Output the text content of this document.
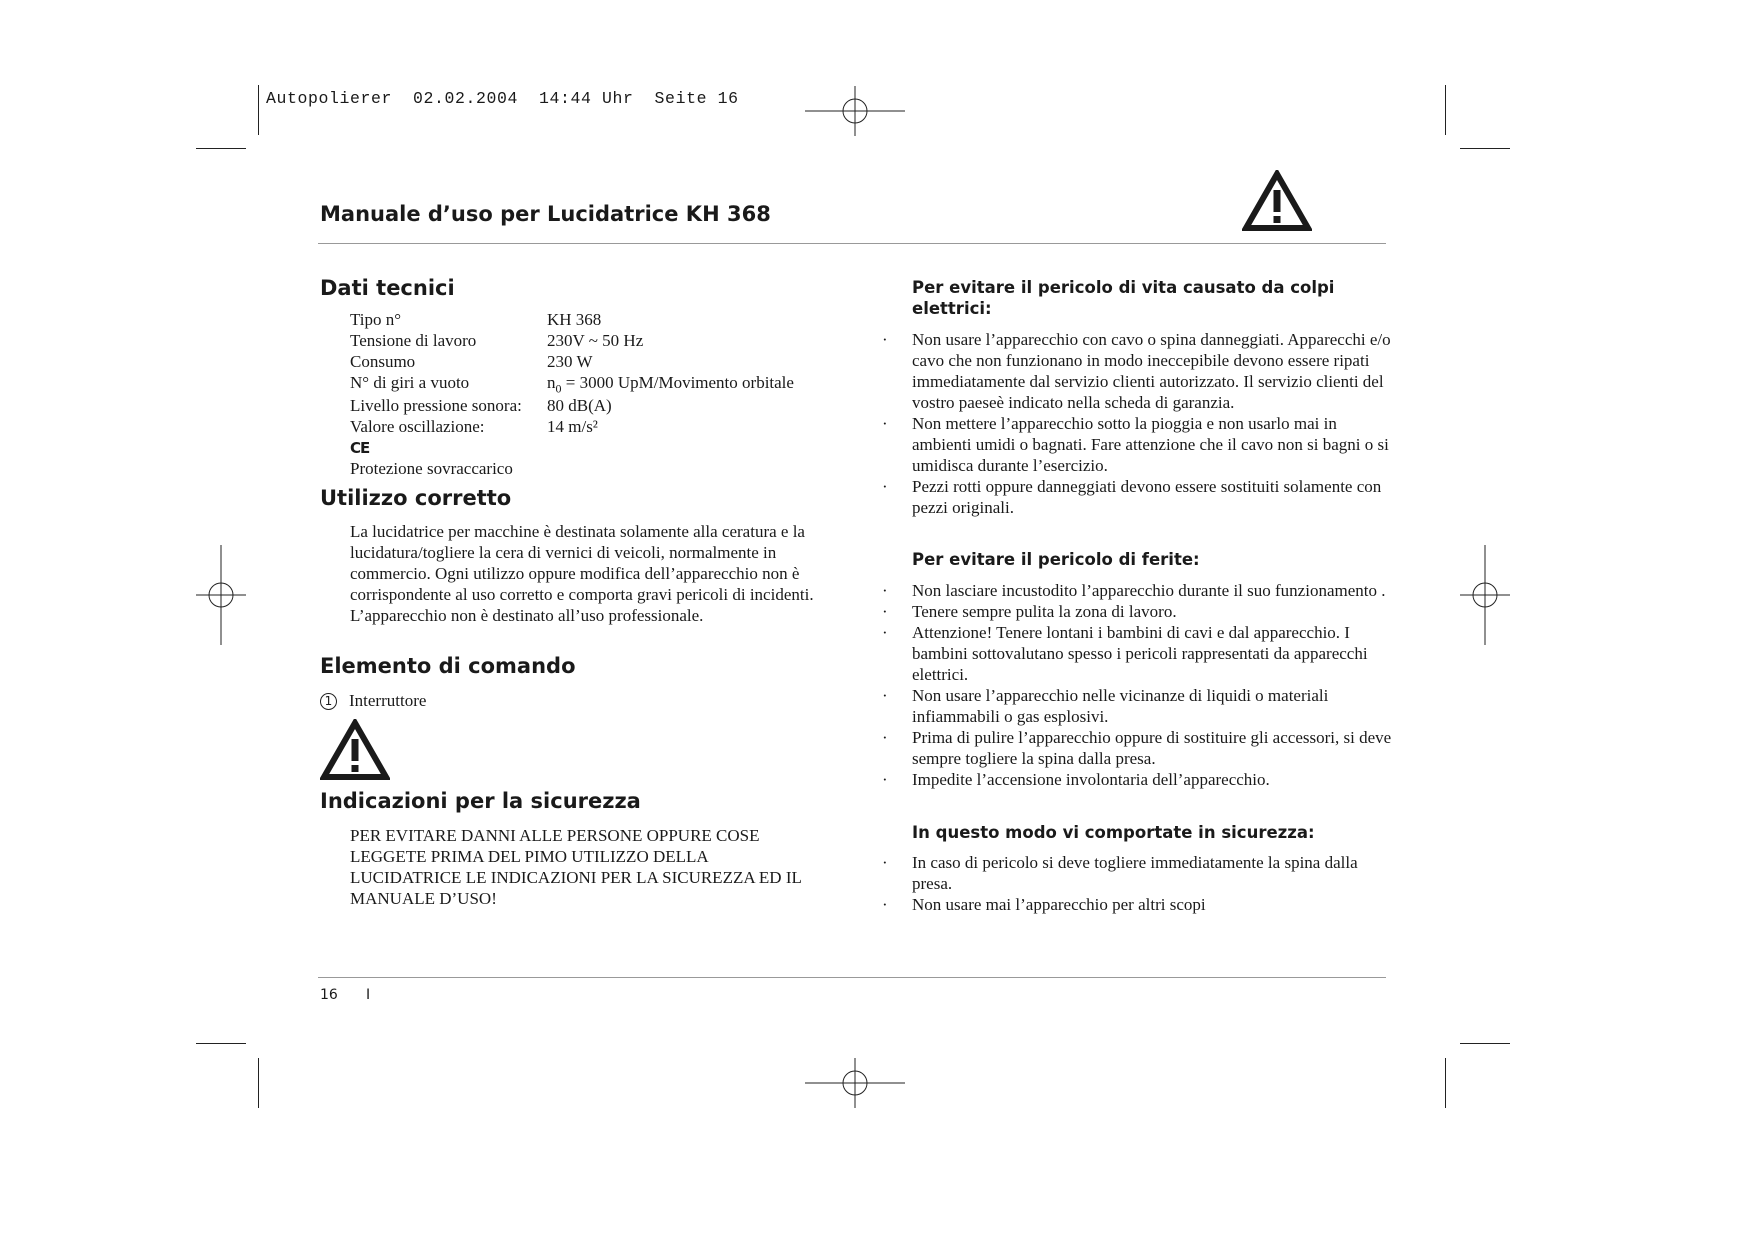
Autopolierer  02.02.2004  14:44 Uhr  Seite 16
Manuale d’uso per Lucidatrice KH 368
Dati tecnici
Tipo n°	KH 368
Tensione di lavoro	230V ~ 50 Hz
Consumo	230 W
N° di giri a vuoto	$n_0 = 3000$ UpM/Movimento orbitale
Livello pressione sonora:	80 dB(A)
Valore oscillazione:	14 m/s²
CE	
Protezione sovraccarico	
Utilizzo corretto

La lucidatrice per macchine è destinata solamente alla ceratura e la lucidatura/togliere la cera di vernici di veicoli, normalmente in commercio. Ogni utilizzo oppure modifica dell’apparecchio non è corrispondente al uso corretto e comporta gravi pericoli di incidenti. L’apparecchio non è destinato all’uso professionale.

Elemento di comando
1 Interruttore
Indicazioni per la sicurezza

PER EVITARE DANNI ALLE PERSONE OPPURE COSE LEGGETE PRIMA DEL PIMO UTILIZZO DELLA LUCIDATRICE LE INDICAZIONI PER LA SICUREZZA ED IL MANUALE D’USO!

Per evitare il pericolo di vita causato da colpi elettrici:
· Non usare l’apparecchio con cavo o spina danneggiati. Apparecchi e/o cavo che non funzionano in modo ineccepibile devono essere ripati immediatamente dal servizio clienti autorizzato. Il servizio clienti del vostro paeseè indicato nella scheda di garanzia.
· Non mettere l’apparecchio sotto la pioggia e non usarlo mai in ambienti umidi o bagnati. Fare attenzione che il cavo non si bagni o si umidisca durante l’esercizio.
· Pezzi rotti oppure danneggiati devono essere sostituiti solamente con pezzi originali.
Per evitare il pericolo di ferite:
· Non lasciare incustodito l’apparecchio durante il suo funzionamento .
· Tenere sempre pulita la zona di lavoro.
· Attenzione! Tenere lontani i bambini di cavi e dal apparecchio. I bambini sottovalutano spesso i pericoli rappresentati da apparecchi elettrici.
· Non usare l’apparecchio nelle vicinanze di liquidi o materiali infiammabili o gas esplosivi.
· Prima di pulire l’apparecchio oppure di sostituire gli accessori, si deve sempre togliere la spina dalla presa.
· Impedite l’accensione involontaria dell’apparecchio.
In questo modo vi comportate in sicurezza:
· In caso di pericolo si deve togliere immediatamente la spina dalla presa.
· Non usare mai l’apparecchio per altri scopi
16 I
